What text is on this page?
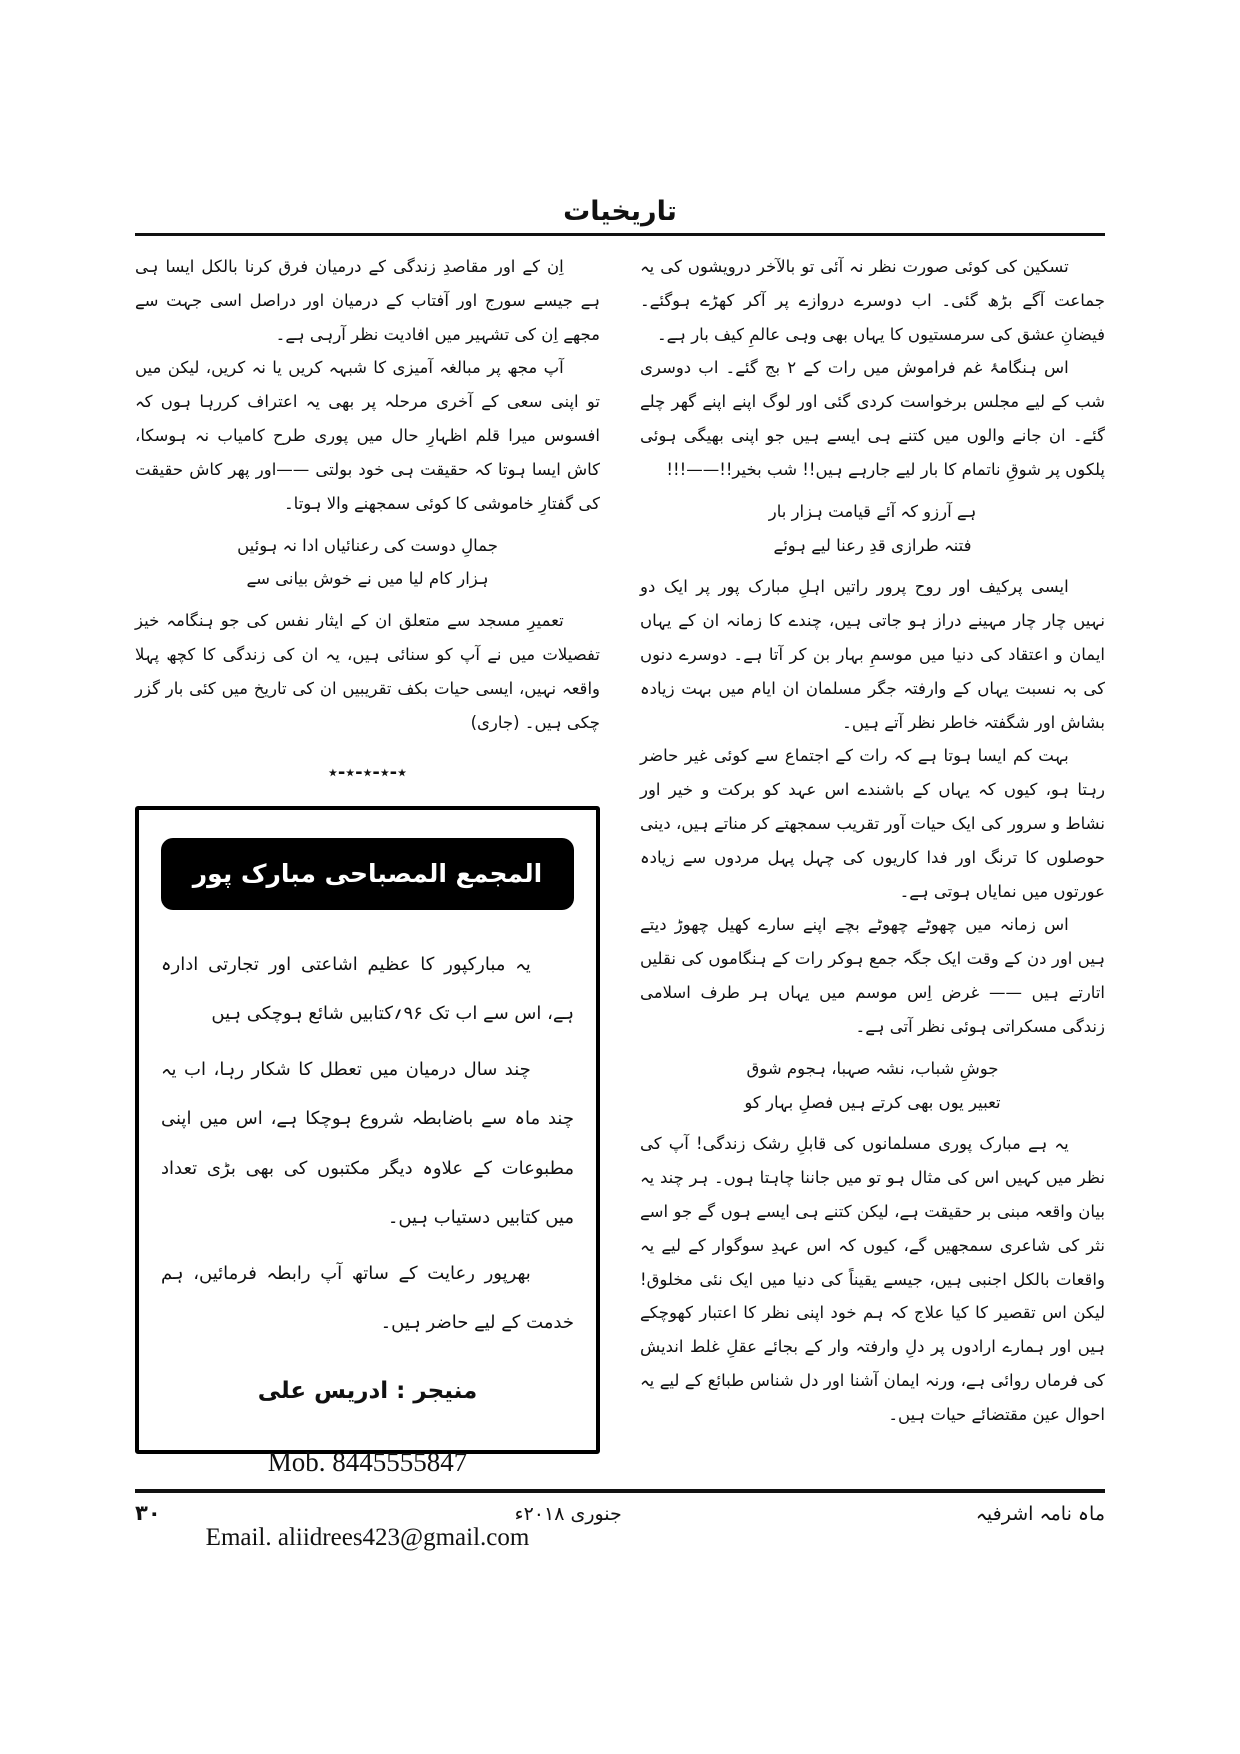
تاریخیات

تسکین کی کوئی صورت نظر نہ آئی تو بالآخر درویشوں کی یہ جماعت آگے بڑھ گئی۔ اب دوسرے دروازے پر آکر کھڑے ہوگئے۔ فیضانِ عشق کی سرمستیوں کا یہاں بھی وہی عالمِ کیف بار ہے۔

اس ہنگامۂ غم فراموش میں رات کے ۲ بج گئے۔ اب دوسری شب کے لیے مجلس برخواست کردی گئی اور لوگ اپنے اپنے گھر چلے گئے۔ ان جانے والوں میں کتنے ہی ایسے ہیں جو اپنی بھیگی ہوئی پلکوں پر شوقِ ناتمام کا بار لیے جارہے ہیں!! شب بخیر!!——!!!

ہے آرزو کہ آئے قیامت ہزار بار
فتنہ طرازی قدِ رعنا لیے ہوئے

ایسی پرکیف اور روح پرور راتیں اہلِ مبارک پور پر ایک دو نہیں چار چار مہینے دراز ہو جاتی ہیں، چندے کا زمانہ ان کے یہاں ایمان و اعتقاد کی دنیا میں موسمِ بہار بن کر آتا ہے۔ دوسرے دنوں کی بہ نسبت یہاں کے وارفتہ جگر مسلمان ان ایام میں بہت زیادہ بشاش اور شگفتہ خاطر نظر آتے ہیں۔

بہت کم ایسا ہوتا ہے کہ رات کے اجتماع سے کوئی غیر حاضر رہتا ہو، کیوں کہ یہاں کے باشندے اس عہد کو برکت و خیر اور نشاط و سرور کی ایک حیات آور تقریب سمجھتے کر مناتے ہیں، دینی حوصلوں کا ترنگ اور فدا کاریوں کی چہل پہل مردوں سے زیادہ عورتوں میں نمایاں ہوتی ہے۔

اس زمانہ میں چھوٹے چھوٹے بچے اپنے سارے کھیل چھوڑ دیتے ہیں اور دن کے وقت ایک جگہ جمع ہوکر رات کے ہنگاموں کی نقلیں اتارتے ہیں —— غرض اِس موسم میں یہاں ہر طرف اسلامی زندگی مسکراتی ہوئی نظر آتی ہے۔

جوشِ شباب، نشہ صہبا، ہجوم شوق
تعبیر یوں بھی کرتے ہیں فصلِ بہار کو

یہ ہے مبارک پوری مسلمانوں کی قابلِ رشک زندگی! آپ کی نظر میں کہیں اس کی مثال ہو تو میں جاننا چاہتا ہوں۔ ہر چند یہ بیان واقعہ مبنی بر حقیقت ہے، لیکن کتنے ہی ایسے ہوں گے جو اسے نثر کی شاعری سمجھیں گے، کیوں کہ اس عہدِ سوگوار کے لیے یہ واقعات بالکل اجنبی ہیں، جیسے یقیناً کی دنیا میں ایک نئی مخلوق! لیکن اس تقصیر کا کیا علاج کہ ہم خود اپنی نظر کا اعتبار کھوچکے ہیں اور ہمارے ارادوں پر دلِ وارفتہ وار کے بجائے عقلِ غلط اندیش کی فرماں روائی ہے، ورنہ ایمان آشنا اور دل شناس طبائع کے لیے یہ احوال عین مقتضائے حیات ہیں۔

اِن کے اور مقاصدِ زندگی کے درمیان فرق کرنا بالکل ایسا ہی ہے جیسے سورج اور آفتاب کے درمیان اور دراصل اسی جہت سے مجھے اِن کی تشہیر میں افادیت نظر آرہی ہے۔

آپ مجھ پر مبالغہ آمیزی کا شبہہ کریں یا نہ کریں، لیکن میں تو اپنی سعی کے آخری مرحلہ پر بھی یہ اعتراف کررہا ہوں کہ افسوس میرا قلم اظہارِ حال میں پوری طرح کامیاب نہ ہوسکا، کاش ایسا ہوتا کہ حقیقت ہی خود بولتی ——اور پھر کاش حقیقت کی گفتارِ خاموشی کا کوئی سمجھنے والا ہوتا۔

جمالِ دوست کی رعنائیاں ادا نہ ہوئیں
ہزار کام لیا میں نے خوش بیانی سے

تعمیرِ مسجد سے متعلق ان کے ایثار نفس کی جو ہنگامہ خیز تفصیلات میں نے آپ کو سنائی ہیں، یہ ان کی زندگی کا کچھ پہلا واقعہ نہیں، ایسی حیات بکف تقریبیں ان کی تاریخ میں کئی بار گزر چکی ہیں۔ (جاری)

٭-٭-٭-٭-٭
المجمع المصباحی مبارک پور

یہ مبارکپور کا عظیم اشاعتی اور تجارتی ادارہ ہے، اس سے اب تک ۹۶؍کتابیں شائع ہوچکی ہیں

چند سال درمیان میں تعطل کا شکار رہا، اب یہ چند ماہ سے باضابطہ شروع ہوچکا ہے، اس میں اپنی مطبوعات کے علاوہ دیگر مکتبوں کی بھی بڑی تعداد میں کتابیں دستیاب ہیں۔

بھرپور رعایت کے ساتھ آپ رابطہ فرمائیں، ہم خدمت کے لیے حاضر ہیں۔

منیجر : ادریس علی
Mob. 8445555847
Email. aliidrees423@gmail.com
ماہ نامہ اشرفیہ
جنوری ۲۰۱۸ء
۳۰
